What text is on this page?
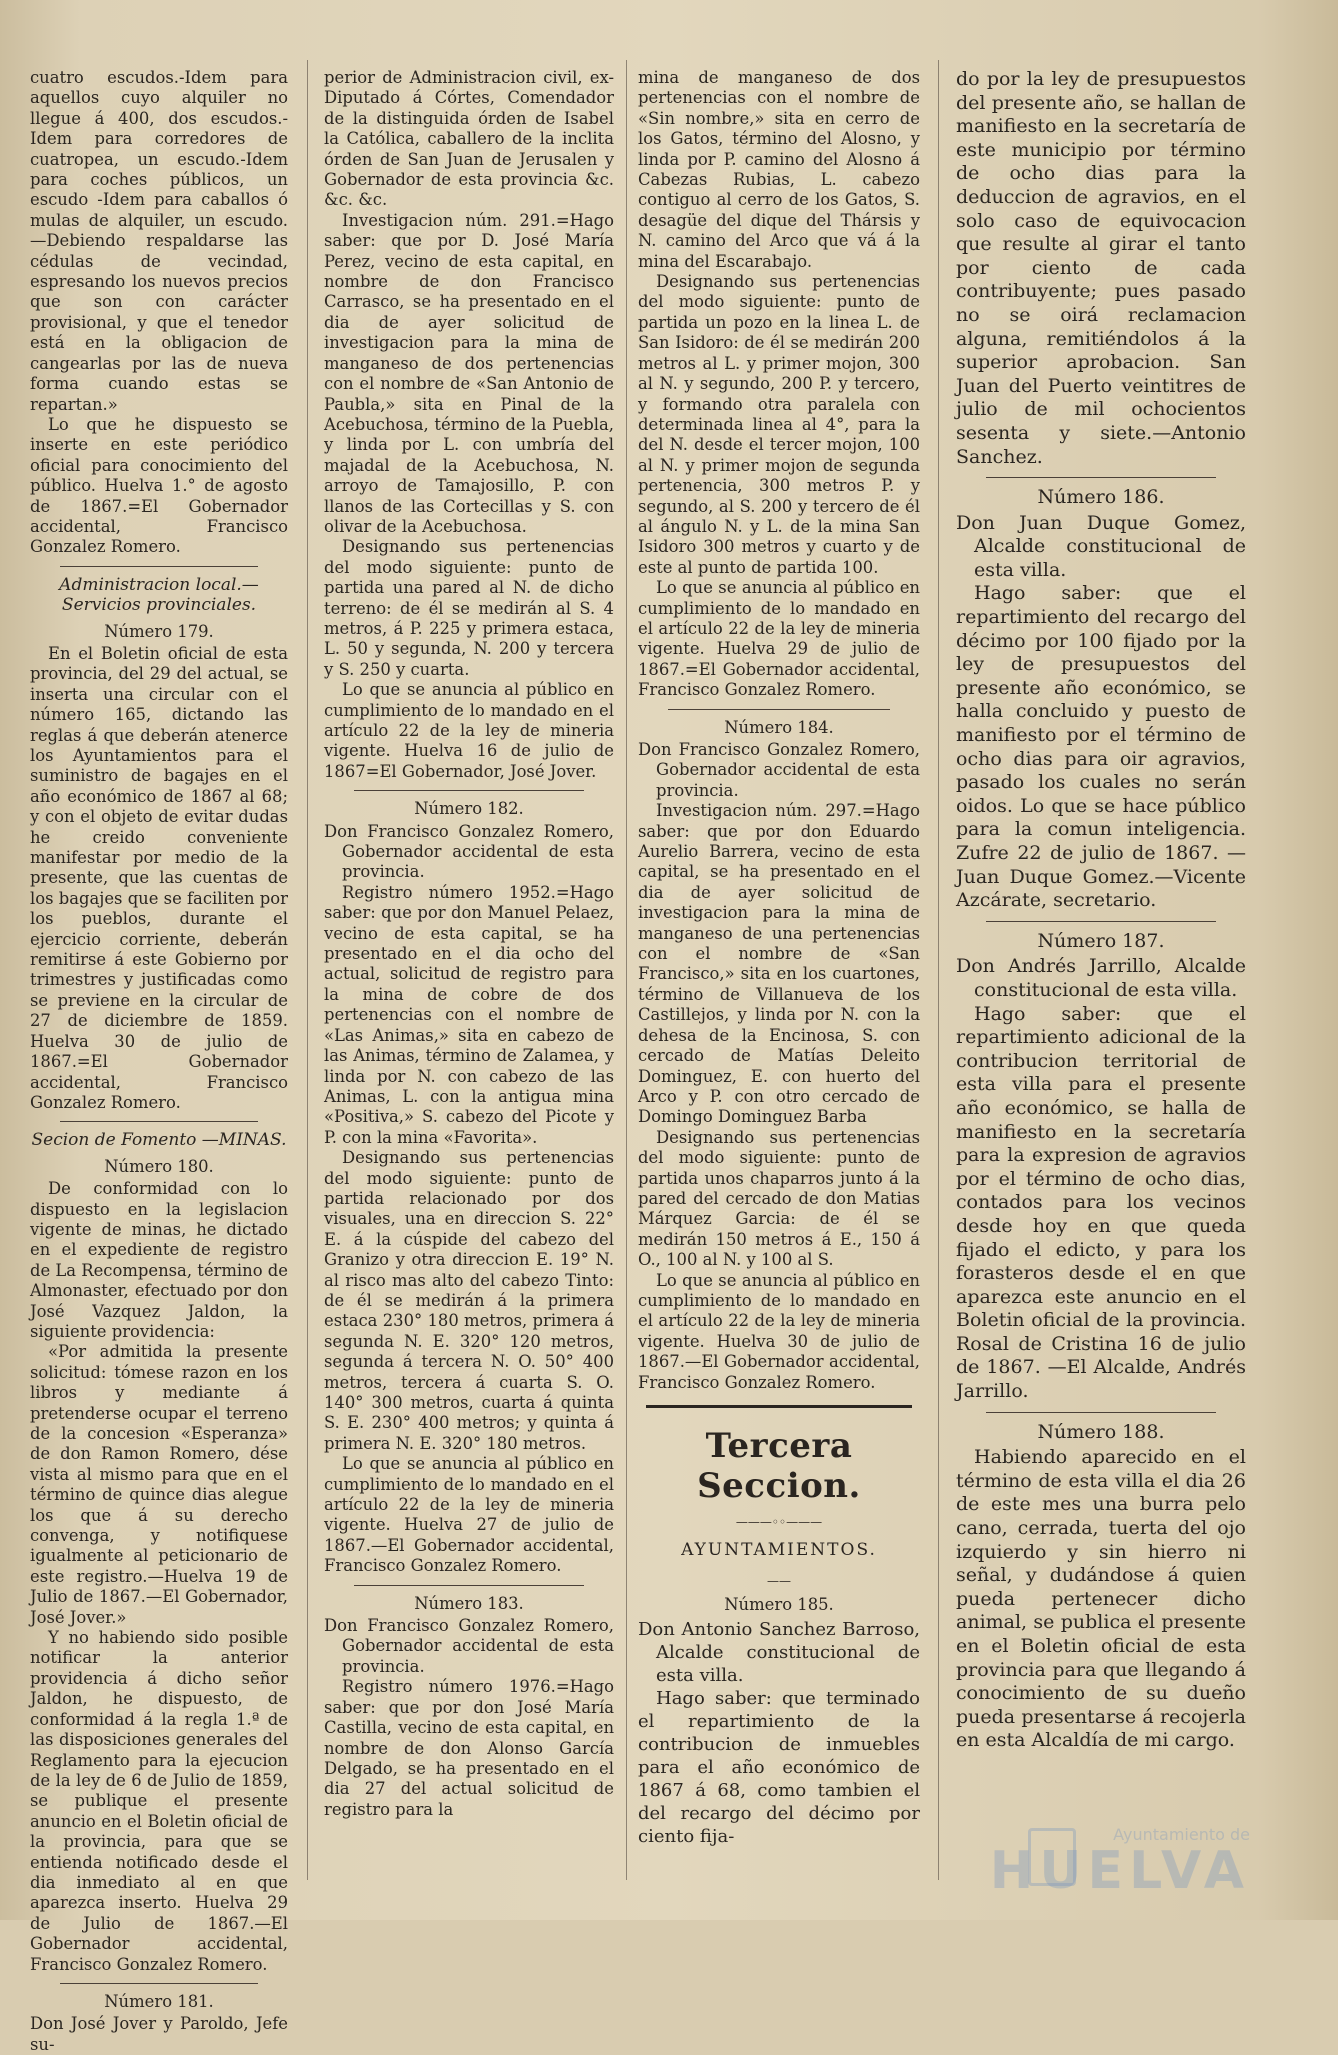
cuatro escudos.-Idem para aquellos cuyo alquiler no llegue á 400, dos escudos.-Idem para corredores de cuatropea, un escudo.-Idem para coches públicos, un escudo -Idem para caballos ó mulas de alquiler, un escudo.—Debiendo respaldarse las cédulas de vecindad, espresando los nuevos precios que son con carácter provisional, y que el tenedor está en la obligacion de cangearlas por las de nueva forma cuando estas se repartan.»

Lo que he dispuesto se inserte en este periódico oficial para conocimiento del público. Huelva 1.° de agosto de 1867.=El Gobernador accidental, Francisco Gonzalez Romero.

Administracion local.—Servicios provinciales.

Número 179.

En el Boletin oficial de esta provincia, del 29 del actual, se inserta una circular con el número 165, dictando las reglas á que deberán atenerce los Ayuntamientos para el suministro de bagajes en el año económico de 1867 al 68; y con el objeto de evitar dudas he creido conveniente manifestar por medio de la presente, que las cuentas de los bagajes que se faciliten por los pueblos, durante el ejercicio corriente, deberán remitirse á este Gobierno por trimestres y justificadas como se previene en la circular de 27 de diciembre de 1859. Huelva 30 de julio de 1867.=El Gobernador accidental, Francisco Gonzalez Romero.

Secion de Fomento —MINAS.

Número 180.

De conformidad con lo dispuesto en la legislacion vigente de minas, he dictado en el expediente de registro de La Recompensa, término de Almonaster, efectuado por don José Vazquez Jaldon, la siguiente providencia:

«Por admitida la presente solicitud: tómese razon en los libros y mediante á pretenderse ocupar el terreno de la concesion «Esperanza» de don Ramon Romero, dése vista al mismo para que en el término de quince dias alegue los que á su derecho convenga, y notifiquese igualmente al peticionario de este registro.—Huelva 19 de Julio de 1867.—El Gobernador, José Jover.»

Y no habiendo sido posible notificar la anterior providencia á dicho señor Jaldon, he dispuesto, de conformidad á la regla 1.ª de las disposiciones generales del Reglamento para la ejecucion de la ley de 6 de Julio de 1859, se publique el presente anuncio en el Boletin oficial de la provincia, para que se entienda notificado desde el dia inmediato al en que aparezca inserto. Huelva 29 de Julio de 1867.—El Gobernador accidental, Francisco Gonzalez Romero.

Número 181.

Don José Jover y Paroldo, Jefe su-

perior de Administracion civil, ex-Diputado á Córtes, Comendador de la distinguida órden de Isabel la Católica, caballero de la inclita órden de San Juan de Jerusalen y Gobernador de esta provincia &c. &c. &c.

Investigacion núm. 291.=Hago saber: que por D. José María Perez, vecino de esta capital, en nombre de don Francisco Carrasco, se ha presentado en el dia de ayer solicitud de investigacion para la mina de manganeso de dos pertenencias con el nombre de «San Antonio de Paubla,» sita en Pinal de la Acebuchosa, término de la Puebla, y linda por L. con umbría del majadal de la Acebuchosa, N. arroyo de Tamajosillo, P. con llanos de las Cortecillas y S. con olivar de la Acebuchosa.

Designando sus pertenencias del modo siguiente: punto de partida una pared al N. de dicho terreno: de él se medirán al S. 4 metros, á P. 225 y primera estaca, L. 50 y segunda, N. 200 y tercera y S. 250 y cuarta.

Lo que se anuncia al público en cumplimiento de lo mandado en el artículo 22 de la ley de mineria vigente. Huelva 16 de julio de 1867=El Gobernador, José Jover.

Número 182.

Don Francisco Gonzalez Romero, Gobernador accidental de esta provincia.

Registro número 1952.=Hago saber: que por don Manuel Pelaez, vecino de esta capital, se ha presentado en el dia ocho del actual, solicitud de registro para la mina de cobre de dos pertenencias con el nombre de «Las Animas,» sita en cabezo de las Animas, término de Zalamea, y linda por N. con cabezo de las Animas, L. con la antigua mina «Positiva,» S. cabezo del Picote y P. con la mina «Favorita».

Designando sus pertenencias del modo siguiente: punto de partida relacionado por dos visuales, una en direccion S. 22° E. á la cúspide del cabezo del Granizo y otra direccion E. 19° N. al risco mas alto del cabezo Tinto: de él se medirán á la primera estaca 230° 180 metros, primera á segunda N. E. 320° 120 metros, segunda á tercera N. O. 50° 400 metros, tercera á cuarta S. O. 140° 300 metros, cuarta á quinta S. E. 230° 400 metros; y quinta á primera N. E. 320° 180 metros.

Lo que se anuncia al público en cumplimiento de lo mandado en el artículo 22 de la ley de mineria vigente. Huelva 27 de julio de 1867.—El Gobernador accidental, Francisco Gonzalez Romero.

Número 183.

Don Francisco Gonzalez Romero, Gobernador accidental de esta provincia.

Registro número 1976.=Hago saber: que por don José María Castilla, vecino de esta capital, en nombre de don Alonso García Delgado, se ha presentado en el dia 27 del actual solicitud de registro para la

mina de manganeso de dos pertenencias con el nombre de «Sin nombre,» sita en cerro de los Gatos, término del Alosno, y linda por P. camino del Alosno á Cabezas Rubias, L. cabezo contiguo al cerro de los Gatos, S. desagüe del dique del Thársis y N. camino del Arco que vá á la mina del Escarabajo.

Designando sus pertenencias del modo siguiente: punto de partida un pozo en la linea L. de San Isidoro: de él se medirán 200 metros al L. y primer mojon, 300 al N. y segundo, 200 P. y tercero, y formando otra paralela con determinada linea al 4°, para la del N. desde el tercer mojon, 100 al N. y primer mojon de segunda pertenencia, 300 metros P. y segundo, al S. 200 y tercero de él al ángulo N. y L. de la mina San Isidoro 300 metros y cuarto y de este al punto de partida 100.

Lo que se anuncia al público en cumplimiento de lo mandado en el artículo 22 de la ley de mineria vigente. Huelva 29 de julio de 1867.=El Gobernador accidental, Francisco Gonzalez Romero.

Número 184.

Don Francisco Gonzalez Romero, Gobernador accidental de esta provincia.

Investigacion núm. 297.=Hago saber: que por don Eduardo Aurelio Barrera, vecino de esta capital, se ha presentado en el dia de ayer solicitud de investigacion para la mina de manganeso de una pertenencias con el nombre de «San Francisco,» sita en los cuartones, término de Villanueva de los Castillejos, y linda por N. con la dehesa de la Encinosa, S. con cercado de Matías Deleito Dominguez, E. con huerto del Arco y P. con otro cercado de Domingo Dominguez Barba

Designando sus pertenencias del modo siguiente: punto de partida unos chaparros junto á la pared del cercado de don Matias Márquez Garcia: de él se medirán 150 metros á E., 150 á O., 100 al N. y 100 al S.

Lo que se anuncia al público en cumplimiento de lo mandado en el artículo 22 de la ley de mineria vigente. Huelva 30 de julio de 1867.—El Gobernador accidental, Francisco Gonzalez Romero.

Tercera Seccion.

———◦◦———

AYUNTAMIENTOS.

——

Número 185.

Don Antonio Sanchez Barroso, Alcalde constitucional de esta villa.

Hago saber: que terminado el repartimiento de la contribucion de inmuebles para el año económico de 1867 á 68, como tambien el del recargo del décimo por ciento fija-

do por la ley de presupuestos del presente año, se hallan de manifiesto en la secretaría de este municipio por término de ocho dias para la deduccion de agravios, en el solo caso de equivocacion que resulte al girar el tanto por ciento de cada contribuyente; pues pasado no se oirá reclamacion alguna, remitiéndolos á la superior aprobacion. San Juan del Puerto veintitres de julio de mil ochocientos sesenta y siete.—Antonio Sanchez.

Número 186.

Don Juan Duque Gomez, Alcalde constitucional de esta villa.

Hago saber: que el repartimiento del recargo del décimo por 100 fijado por la ley de presupuestos del presente año económico, se halla concluido y puesto de manifiesto por el término de ocho dias para oir agravios, pasado los cuales no serán oidos. Lo que se hace público para la comun inteligencia. Zufre 22 de julio de 1867. —Juan Duque Gomez.—Vicente Azcárate, secretario.

Número 187.

Don Andrés Jarrillo, Alcalde constitucional de esta villa.

Hago saber: que el repartimiento adicional de la contribucion territorial de esta villa para el presente año económico, se halla de manifiesto en la secretaría para la expresion de agravios por el término de ocho dias, contados para los vecinos desde hoy en que queda fijado el edicto, y para los forasteros desde el en que aparezca este anuncio en el Boletin oficial de la provincia. Rosal de Cristina 16 de julio de 1867. —El Alcalde, Andrés Jarrillo.

Número 188.

Habiendo aparecido en el término de esta villa el dia 26 de este mes una burra pelo cano, cerrada, tuerta del ojo izquierdo y sin hierro ni señal, y dudándose á quien pueda pertenecer dicho animal, se publica el presente en el Boletin oficial de esta provincia para que llegando á conocimiento de su dueño pueda presentarse á recojerla en esta Alcaldía de mi cargo.

Ayuntamiento de
HUELVA
